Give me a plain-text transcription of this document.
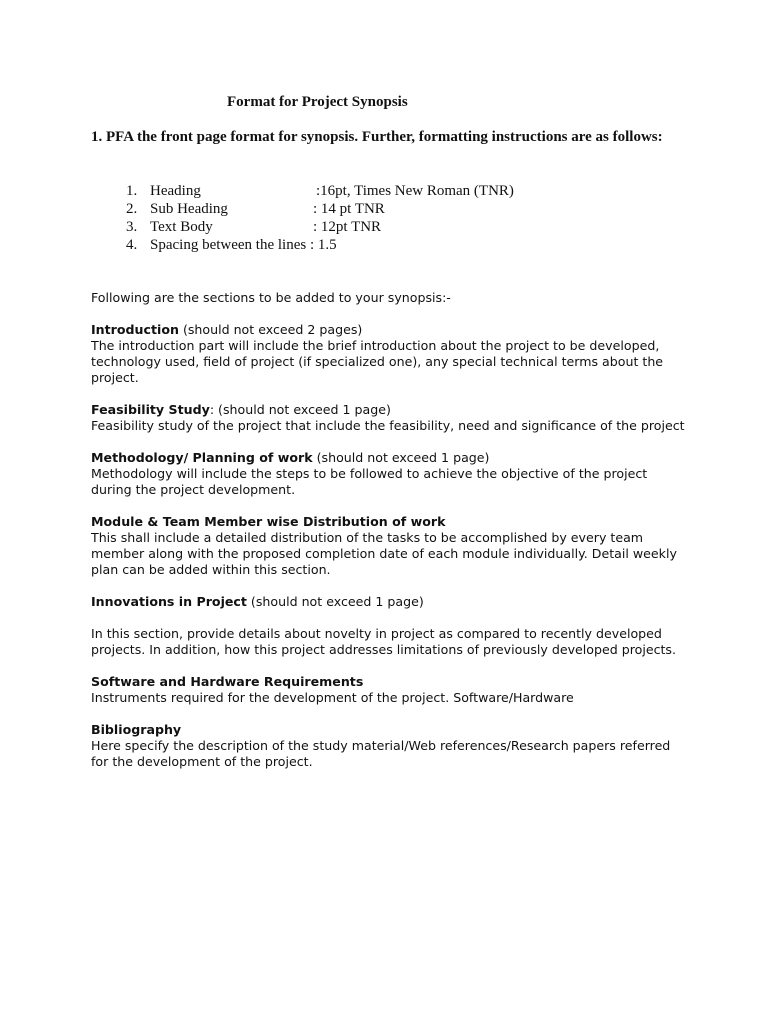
Format for Project Synopsis
1. PFA the front page format for synopsis. Further, formatting instructions are as follows:
1. Heading	:16pt, Times New Roman (TNR)
2. Sub Heading	: 14 pt TNR
3. Text Body	: 12pt TNR
4. Spacing between the lines : 1.5

Following are the sections to be added to your synopsis:-

Introduction (should not exceed 2 pages)
The introduction part will include the brief introduction about the project to be developed, technology used, field of project (if specialized one), any special technical terms about the project.
Feasibility Study: (should not exceed 1 page)
Feasibility study of the project that include the feasibility, need and significance of the project
Methodology/ Planning of work (should not exceed 1 page)
Methodology will include the steps to be followed to achieve the objective of the project during the project development.
Module & Team Member wise Distribution of work
This shall include a detailed distribution of the tasks to be accomplished by every team member along with the proposed completion date of each module individually. Detail weekly plan can be added within this section.
Innovations in Project (should not exceed 1 page)
In this section, provide details about novelty in project as compared to recently developed projects. In addition, how this project addresses limitations of previously developed projects.
Software and Hardware Requirements
Instruments required for the development of the project. Software/Hardware
Bibliography
Here specify the description of the study material/Web references/Research papers referred for the development of the project.
